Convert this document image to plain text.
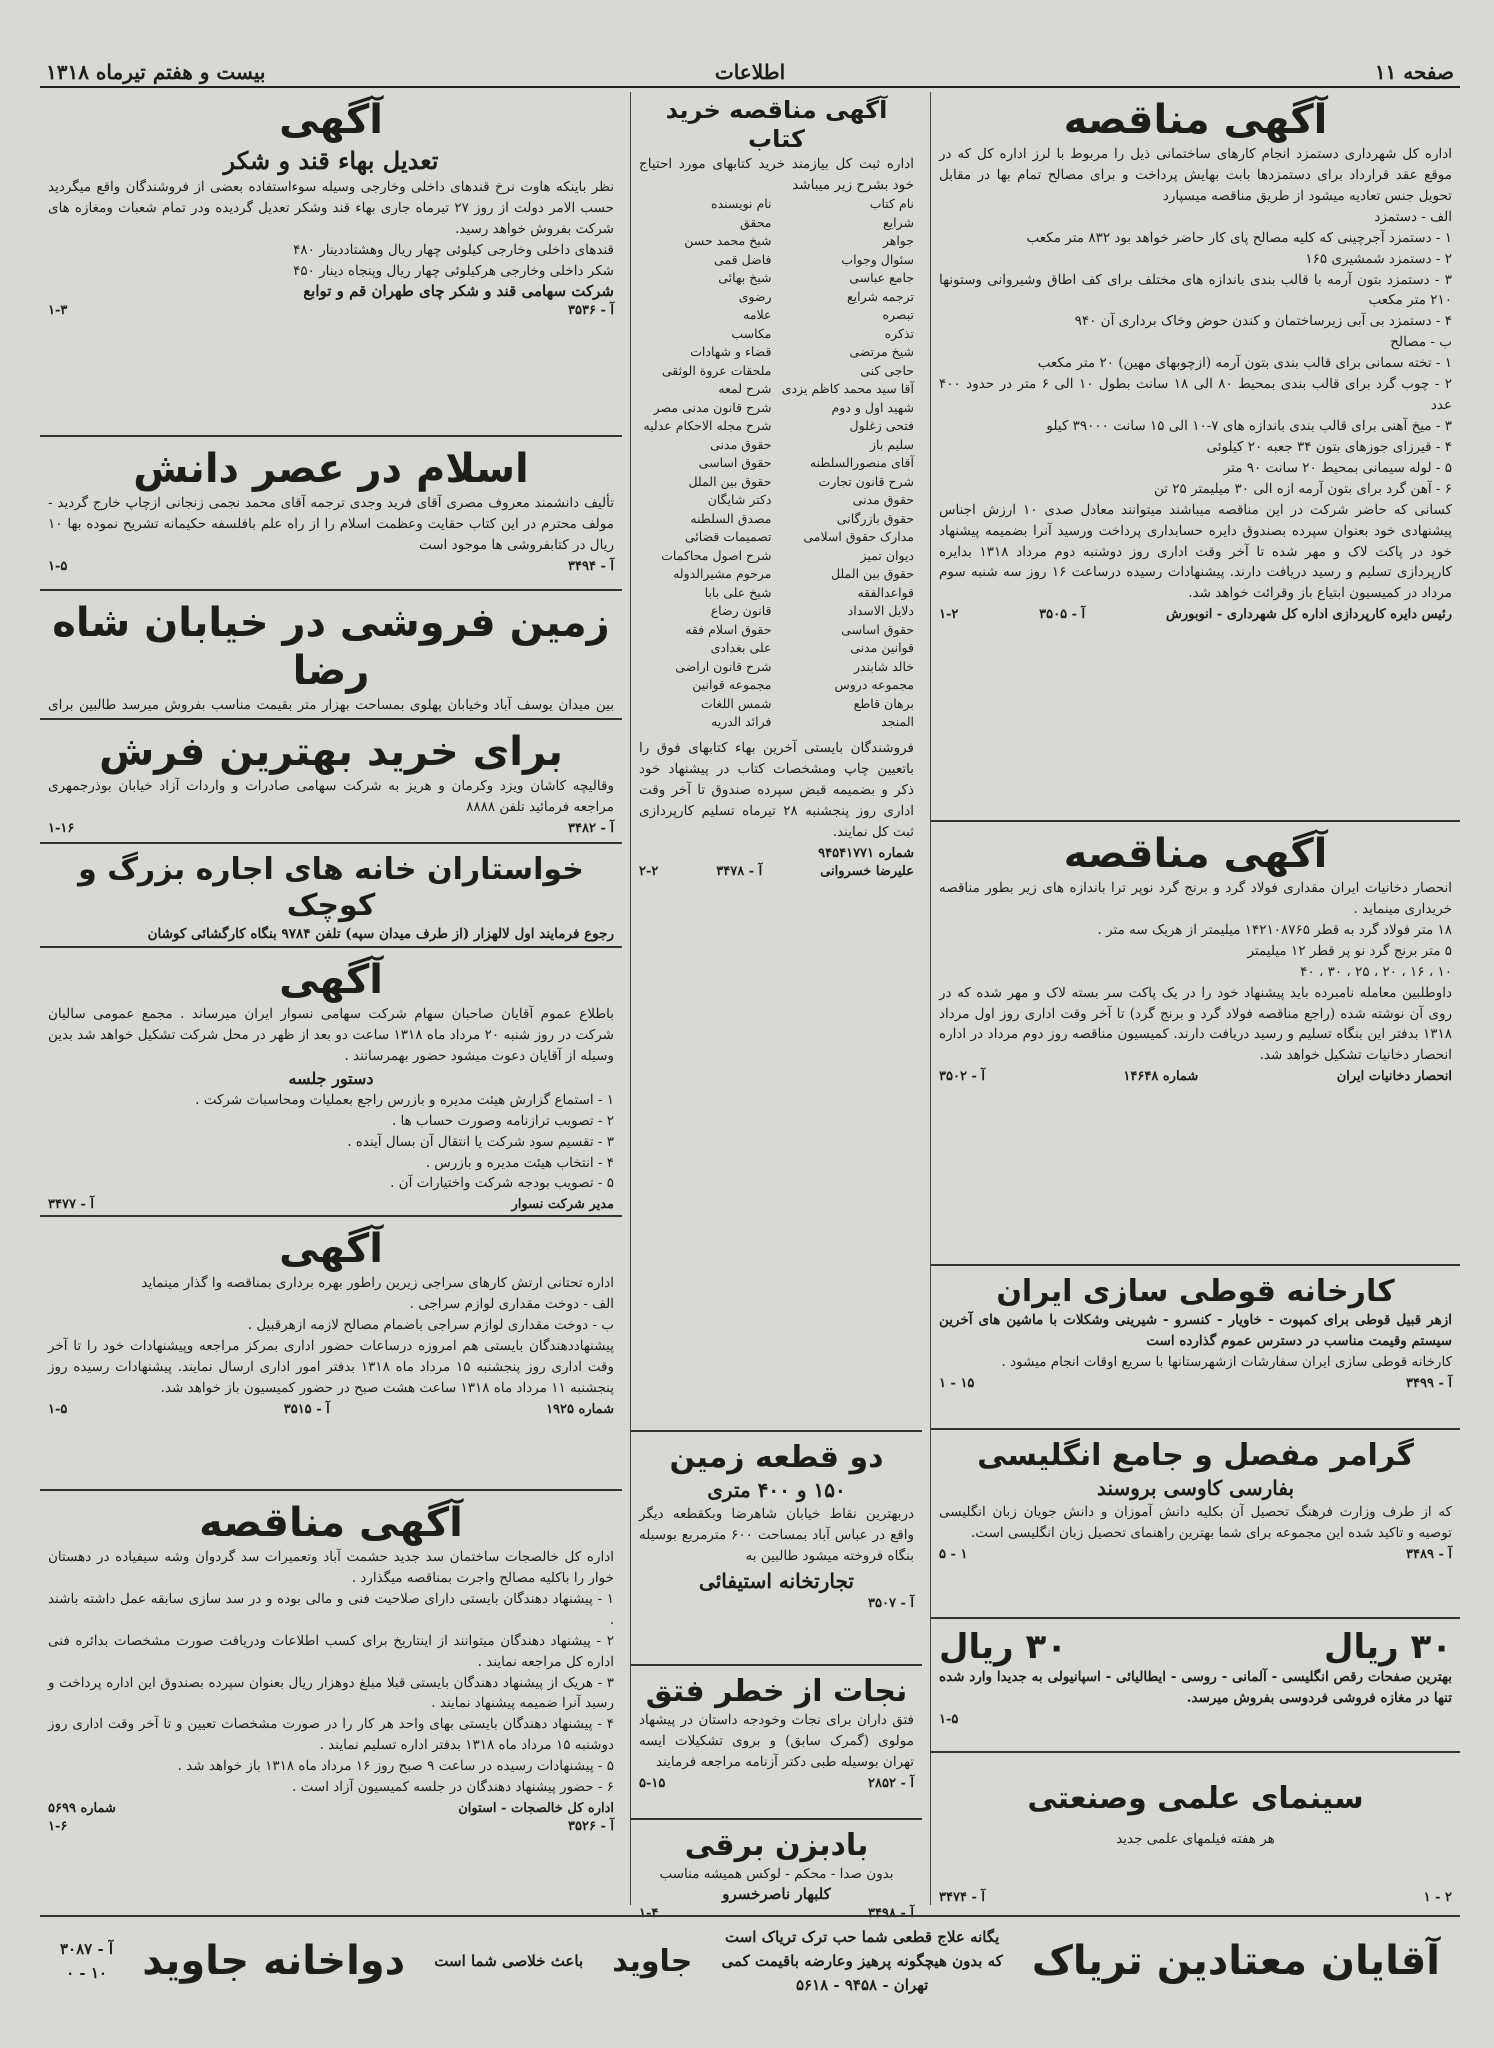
صفحه ۱۱
اطلاعات
بیست و هفتم تیرماه ۱۳۱۸
آگهی مناقصه
اداره کل شهرداری دستمزد انجام کارهای ساختمانی ذیل را مربوط با لرز اداره کل که در موقع عقد قرارداد برای دستمزدها بابت بهایش پرداخت و برای مصالح تمام بها در مقابل تحویل جنس تعادیه میشود از طریق مناقصه میسپارد
الف - دستمزد
۱ - دستمزد آجرچینی که کلیه مصالح پای کار حاضر خواهد بود ۸۳۲ متر مکعب
۲ - دستمزد شمشیری ۱۶۵
۳ - دستمزد بتون آرمه با قالب بندی باندازه های مختلف برای کف اطاق وشیروانی وستونها ۲۱۰ متر مکعب
۴ - دستمزد بی آبی زیرساختمان و کندن حوض وخاک برداری آن ۹۴۰
ب - مصالح
۱ - تخته سمانی برای قالب بندی بتون آرمه (ازچوبهای مهین) ۲۰ متر مکعب
۲ - چوب گرد برای قالب بندی بمحیط ۸۰ الی ۱۸ سانت بطول ۱۰ الی ۶ متر در حدود ۴۰۰ عدد
۳ - میخ آهنی برای قالب بندی باندازه های ۷-۱۰ الی ۱۵ سانت ۳۹۰۰۰ کیلو
۴ - قیرزای جوزهای بتون ۳۴ جعبه ۲۰ کیلوئی
۵ - لوله سیمانی بمحیط ۲۰ سانت ۹۰ متر
۶ - آهن گرد برای بتون آرمه ازه الی ۳۰ میلیمتر ۲۵ تن
کسانی که حاضر شرکت در این مناقصه میباشند میتوانند معادل صدی ۱۰ ارزش اجناس پیشنهادی خود بعنوان سپرده بصندوق دایره حسابداری پرداخت ورسید آنرا بضمیمه پیشنهاد خود در پاکت لاک و مهر شده تا آخر وقت اداری روز دوشنبه دوم مرداد ۱۳۱۸ بدایره کارپردازی تسلیم و رسید دریافت دارند. پیشنهادات رسیده درساعت ۱۶ روز سه شنبه سوم مرداد در کمیسیون ابتیاع باز وقرائت خواهد شد.
رئیس دایره کارپردازی اداره کل شهرداری - انوبورش
آ - ۳۵۰۵
۱-۲
آگهی مناقصه
انحصار دخانیات ایران مقداری فولاد گرد و برنج گرد نوپر ترا باندازه های زیر بطور مناقصه خریداری مینماید .
۱۸ متر فولاد گرد به قطر ۱۴۲۱۰۸۷۶۵ میلیمتر از هریک سه متر .
۵ متر برنج گرد نو پر قطر ۱۲ میلیمتر
۱۰ ، ۱۶ ، ۲۰ ، ۲۵ ، ۳۰ ، ۴۰
داوطلبین معامله نامبرده باید پیشنهاد خود را در یک پاکت سر بسته لاک و مهر شده که در روی آن نوشته شده (راجع مناقصه فولاد گرد و برنج گرد) تا آخر وقت اداری روز اول مرداد ۱۳۱۸ بدفتر این بنگاه تسلیم و رسید دریافت دارند. کمیسیون مناقصه روز دوم مرداد در اداره انحصار دخانیات تشکیل خواهد شد.
انحصار دخانیات ایران
شماره ۱۴۶۴۸
آ - ۳۵۰۲
کارخانه قوطی سازی ایران
ازهر قبیل قوطی برای کمپوت - خاویار - کنسرو - شیرینی وشکلات با ماشین های آخرین سیستم وقیمت مناسب در دسترس عموم گذارده است
کارخانه قوطی سازی ایران سفارشات ازشهرستانها با سریع اوقات انجام میشود .
آ - ۳۴۹۹
۱۵ - ۱
گرامر مفصل و جامع انگلیسی
بفارسی کاوسی بروسند
که از طرف وزارت فرهنگ تحصیل آن بکلیه دانش آموزان و دانش جویان زبان انگلیسی توصیه و تاکید شده این مجموعه برای شما بهترین راهنمای تحصیل زبان انگلیسی است.
آ - ۳۴۸۹
۱ - ۵
۳۰ ریال
۳۰ ریال
بهترین صفحات رقص انگلیسی - آلمانی - روسی - ایطالیائی - اسپانیولی به جدیدا وارد شده تنها در مغازه فروشی فردوسی بفروش میرسد.
۱-۵
سینمای علمی وصنعتی
هر هفته فیلمهای علمی جدید
۲ - ۱
آ - ۳۴۷۴
آگهی مناقصه خرید کتاب
اداره ثبت کل بیازمند خرید کتابهای مورد احتیاج خود بشرح زیر میباشد
نام کتاب
نام نویسنده
شرایع
محقق
جواهر
شیخ محمد حسن
سئوال وجواب
فاضل قمی
جامع عباسی
شیخ بهائی
ترجمه شرایع
رضوی
تبصره
علامه
تذکره
مکاسب
شیخ مرتضی
قضاء و شهادات
حاجی کنی
ملحقات عروة الوثقی
آقا سید محمد کاظم یزدی
شرح لمعه
شهید اول و دوم
شرح قانون مدنی مصر
فتحی زغلول
شرح مجله الاحکام عدلیه
سلیم باز
حقوق مدنی
آقای منصورالسلطنه
حقوق اساسی
شرح قانون تجارت
حقوق بین الملل
حقوق مدنی
دکتر شایگان
حقوق بازرگانی
مصدق السلطنه
مدارک حقوق اسلامی
تصمیمات قضائی
دیوان تمیز
شرح اصول محاکمات
حقوق بین الملل
مرحوم مشیرالدوله
قواعدالفقه
شیخ علی بابا
دلایل الاسداد
قانون رضاع
حقوق اساسی
حقوق اسلام فقه
قوانین مدنی
علی بغدادی
خالد شابندر
شرح قانون اراضی
مجموعه دروس
مجموعه قوانین
برهان قاطع
شمس اللغات
المنجد
فرائد الدریه
فروشندگان بایستی آخرین بهاء کتابهای فوق را باتعیین چاپ ومشخصات کتاب در پیشنهاد خود ذکر و بضمیمه قبض سپرده صندوق تا آخر وقت اداری روز پنجشنبه ۲۸ تیرماه تسلیم کارپردازی ثبت کل نمایند.
شماره ۹۴۵۴۱۷۷۱
علیرضا خسروانی
آ - ۳۴۷۸
۲-۲
دو قطعه زمین
۱۵۰ و ۴۰۰ متری
دربهترین نقاط خیابان شاهرضا وبکقطعه دیگر واقع در عباس آباد بمساحت ۶۰۰ مترمربع بوسیله بنگاه فروخته میشود طالبین به
تجارتخانه استیفائی
آ - ۳۵۰۷
نجات از خطر فتق
فتق داران برای نجات وخودجه داستان در پیشهاد مولوی (گمرک سابق) و بروی تشکیلات ایسه تهران بوسیله طبی دکتر آزنامه مراجعه فرمایند
آ - ۲۸۵۲
۵-۱۵
بادبزن برقی
بدون صدا - محکم - لوکس همیشه مناسب
کلبهار ناصرخسرو
آ - ۳۴۹۸
۱-۴
آگهی
تعدیل بهاء قند و شکر
نظر باینکه هاوت نرخ قندهای داخلی وخارجی وسیله سوءاستفاده بعضی از فروشندگان واقع میگردید حسب الامر دولت از روز ۲۷ تیرماه جاری بهاء قند وشکر تعدیل گردیده ودر تمام شعبات ومغازه های شرکت بفروش خواهد رسید.
قندهای داخلی وخارجی کیلوئی چهار ریال وهشتاددینار ۴۸۰
شکر داخلی وخارجی هرکیلوئی چهار ریال وپنجاه دینار ۴۵۰
شرکت سهامی قند و شکر چای طهران قم و توابع
آ - ۳۵۳۶
۱-۳
اسلام در عصر دانش
تألیف دانشمند معروف مصری آقای فرید وجدی ترجمه آقای محمد نجمی زنجانی ازچاپ خارج گردید - مولف محترم در این کتاب حقایت وعظمت اسلام را از راه علم بافلسفه حکیمانه تشریح نموده بها ۱۰ ریال در کتابفروشی ها موجود است
آ - ۳۴۹۴
۱-۵
زمین فروشی در خیابان شاه رضا
بین میدان یوسف آباد وخیابان پهلوی بمساحت بهزار متر بقیمت مناسب بفروش میرسد طالبین برای
برای خرید بهترین فرش
وقالیچه کاشان ویزد وکرمان و هریز به شرکت سهامی صادرات و واردات آزاد خیابان بوذرجمهری مراجعه فرمائید تلفن ۸۸۸۸
آ - ۳۴۸۲
۱-۱۶
خواستاران خانه های اجاره بزرگ و کوچک
رجوع فرمایند اول لالهزار (از طرف میدان سپه) تلفن ۹۷۸۴ بنگاه کارگشائی کوشان
آگهی
باطلاع عموم آقایان صاحبان سهام شرکت سهامی نسوار ایران میرساند . مجمع عمومی سالیان شرکت در روز شنبه ۲۰ مرداد ماه ۱۳۱۸ ساعت دو بعد از ظهر در محل شرکت تشکیل خواهد شد بدین وسیله از آقایان دعوت میشود حضور بهمرسانند .
دستور جلسه
۱ - استماع گزارش هیئت مدیره و بازرس راجع بعملیات ومحاسبات شرکت .
۲ - تصویب ترازنامه وصورت حساب ها .
۳ - تقسیم سود شرکت یا انتقال آن بسال آینده .
۴ - انتخاب هیئت مدیره و بازرس .
۵ - تصویب بودجه شرکت واختیارات آن .
مدیر شرکت نسوار
آ - ۳۴۷۷
آگهی
اداره تحتانی ارتش کارهای سراجی زیرین راطور بهره برداری بمناقصه وا گذار مینماید
الف - دوخت مقداری لوازم سراجی .
ب - دوخت مقداری لوازم سراجی باضمام مصالح لازمه ازهرقبیل .
پیشنهاددهندگان بایستی هم امروزه درساعات حضور اداری بمرکز مراجعه وپیشنهادات خود را تا آخر وقت اداری روز پنجشنبه ۱۵ مرداد ماه ۱۳۱۸ بدفتر امور اداری ارسال نمایند. پیشنهادات رسیده روز پنجشنبه ۱۱ مرداد ماه ۱۳۱۸ ساعت هشت صبح در حضور کمیسیون باز خواهد شد.
شماره ۱۹۲۵
آ - ۳۵۱۵
۱-۵
آگهی مناقصه
اداره کل خالصجات ساختمان سد جدید حشمت آباد وتعمیرات سد گردوان وشه سیفیاده در دهستان خوار را باکلیه مصالح واجرت بمناقصه میگذارد .
۱ - پیشنهاد دهندگان بایستی دارای صلاحیت فنی و مالی بوده و در سد سازی سابقه عمل داشته باشند .
۲ - پیشنهاد دهندگان میتوانند از اینتاریخ برای کسب اطلاعات ودریافت صورت مشخصات بدائره فنی اداره کل مراجعه نمایند .
۳ - هریک از پیشنهاد دهندگان بایستی قبلا مبلغ دوهزار ریال بعنوان سپرده بصندوق این اداره پرداخت و رسید آنرا ضمیمه پیشنهاد نمایند .
۴ - پیشنهاد دهندگان بایستی بهای واحد هر کار را در صورت مشخصات تعیین و تا آخر وقت اداری روز دوشنبه ۱۵ مرداد ماه ۱۳۱۸ بدفتر اداره تسلیم نمایند .
۵ - پیشنهادات رسیده در ساعت ۹ صبح روز ۱۶ مرداد ماه ۱۳۱۸ باز خواهد شد .
۶ - حضور پیشنهاد دهندگان در جلسه کمیسیون آزاد است .
اداره کل خالصجات - استوان
شماره ۵۶۹۹
آ - ۳۵۲۶
۱-۶
آقایان معتادین تریاک
یگانه علاج قطعی شما حب ترک تریاک است
که بدون هیچگونه پرهیز وعارضه باقیمت کمی
تهران - ۹۴۵۸ - ۵۶۱۸
جاوید
باعث خلاصی شما است
دواخانه جاوید
آ - ۳۰۸۷
۱۰ - ۰
